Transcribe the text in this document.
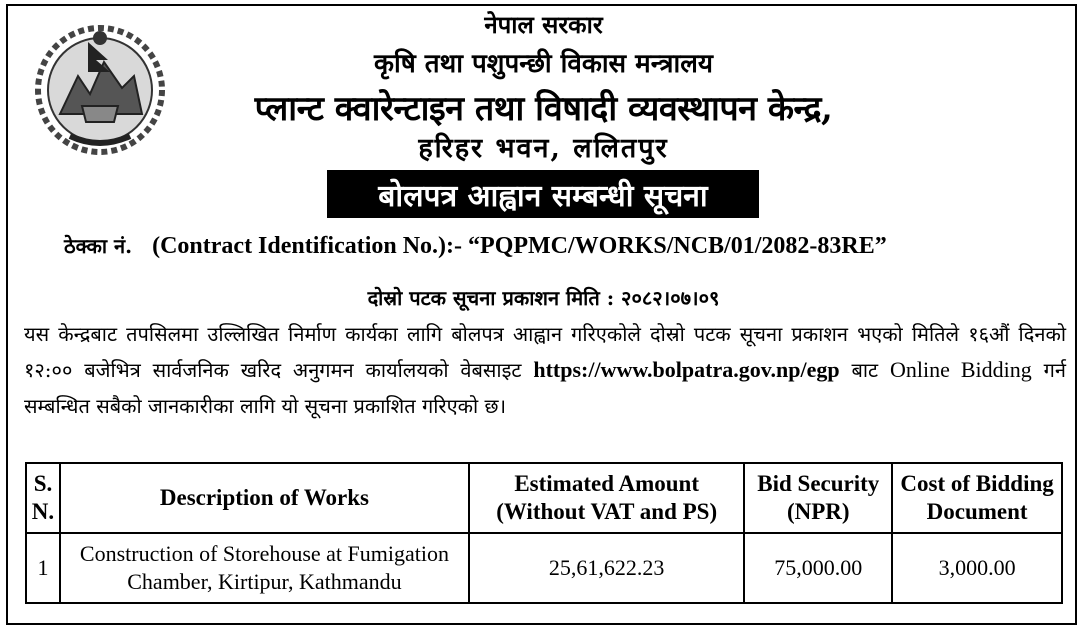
नेपाल सरकार
कृषि तथा पशुपन्छी विकास मन्त्रालय
प्लान्ट क्वारेन्टाइन तथा विषादी व्यवस्थापन केन्द्र,
हरिहर भवन, ललितपुर
बोलपत्र आह्वान सम्बन्धी सूचना
ठेक्का नं. (Contract Identification No.):- “PQPMC/WORKS/NCB/01/2082-83RE”
दोस्रो पटक सूचना प्रकाशन मिति : २०८२।०७।०९
यस केन्द्रबाट तपसिलमा उल्लिखित निर्माण कार्यका लागि बोलपत्र आह्वान गरिएकोले दोस्रो पटक सूचना प्रकाशन भएको मितिले १६औं दिनको १२:०० बजेभित्र सार्वजनिक खरिद अनुगमन कार्यालयको वेबसाइट https://www.bolpatra.gov.np/egp बाट Online Bidding गर्न सम्बन्धित सबैको जानकारीका लागि यो सूचना प्रकाशित गरिएको छ।
S. N.	Description of Works	Estimated Amount (Without VAT and PS)	Bid Security (NPR)	Cost of Bidding Document
1	Construction of Storehouse at Fumigation Chamber, Kirtipur, Kathmandu	25,61,622.23	75,000.00	3,000.00
